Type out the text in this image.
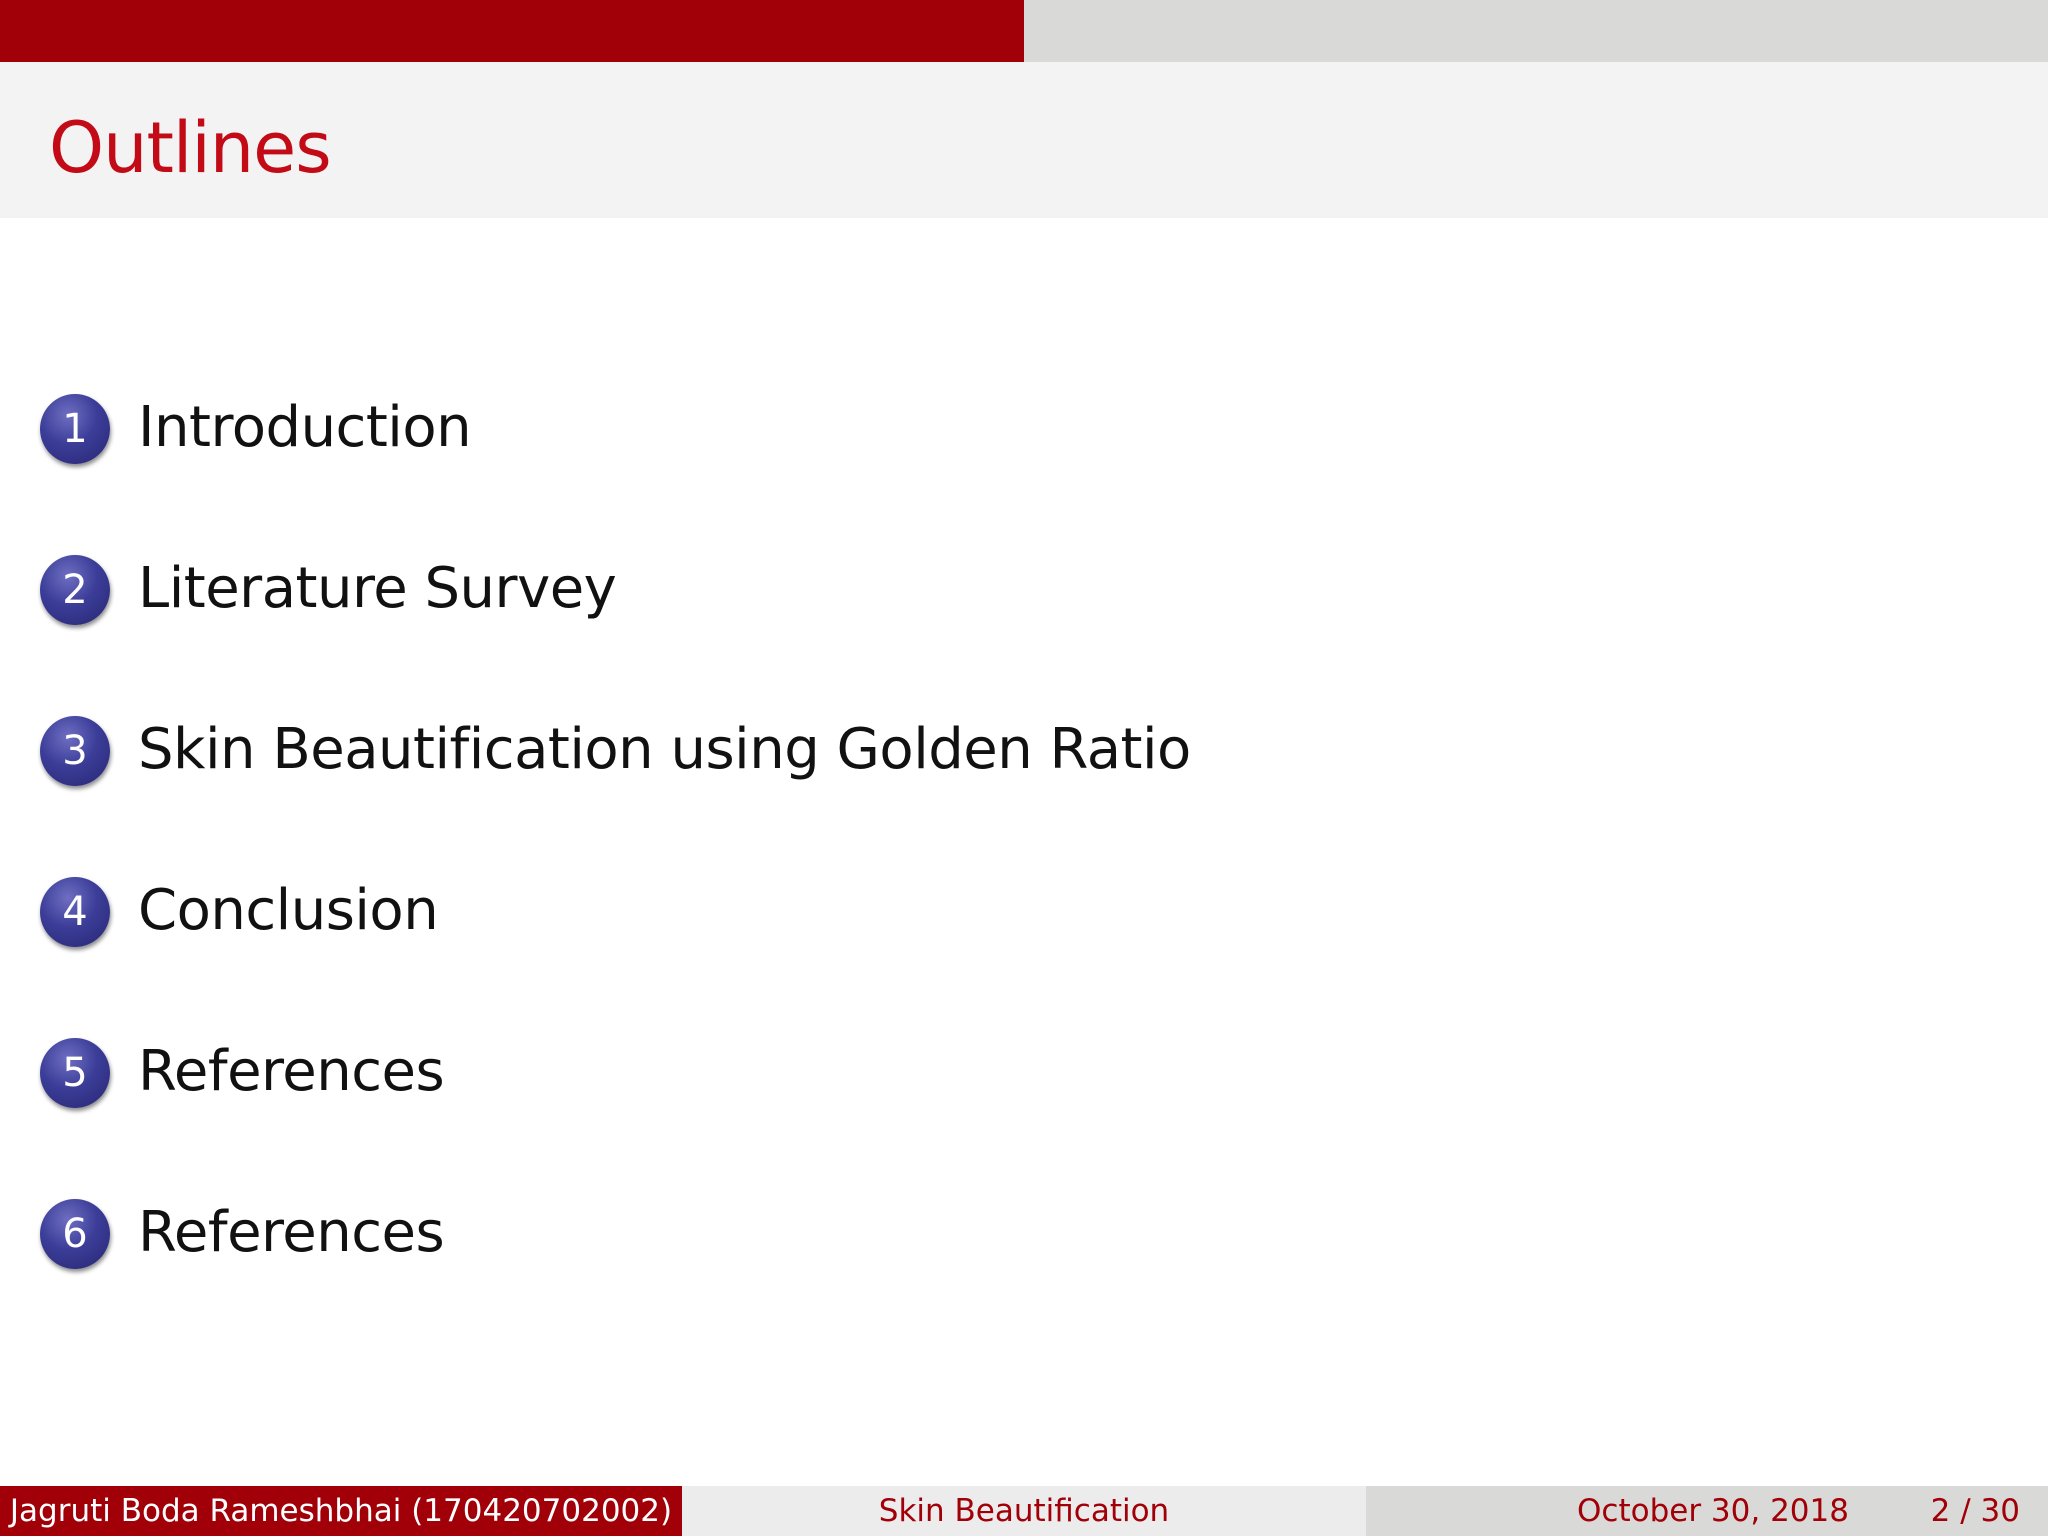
Outlines
1 Introduction
2 Literature Survey
3 Skin Beautification using Golden Ratio
4 Conclusion
5 References
6 References
Jagruti Boda Rameshbhai (170420702002)	Skin Beautification	October 30, 2018	2 / 30
